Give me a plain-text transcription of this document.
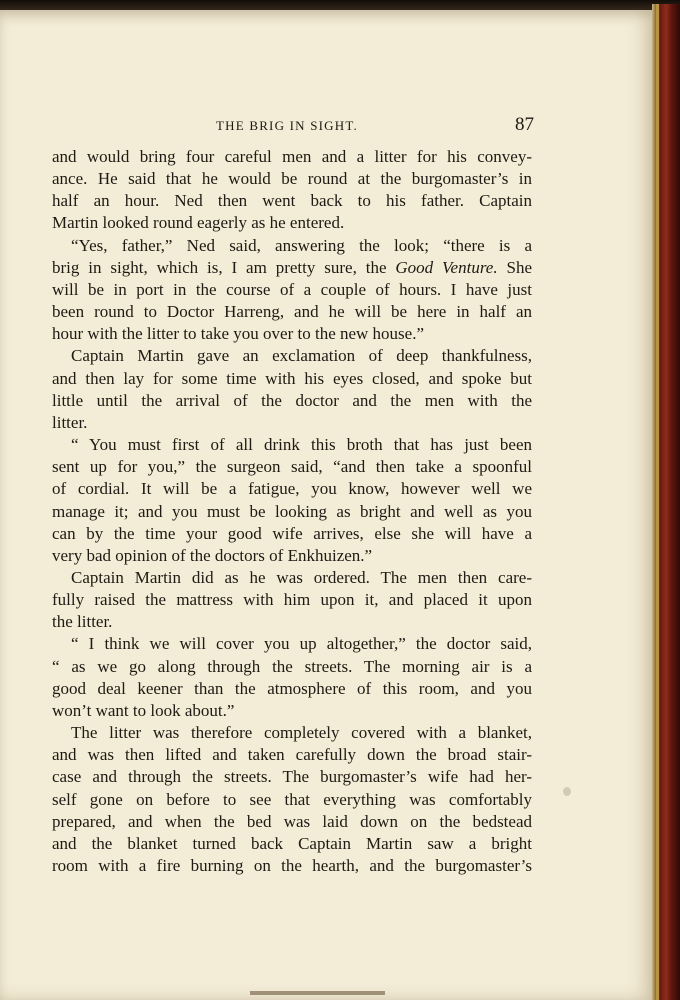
THE BRIG IN SIGHT.	87
and would bring four careful men and a litter for his convey-
ance. He said that he would be round at the burgomaster’s in
half an hour. Ned then went back to his father. Captain
Martin looked round eagerly as he entered.
“Yes, father,” Ned said, answering the look; “there is a
brig in sight, which is, I am pretty sure, the Good Venture. She
will be in port in the course of a couple of hours. I have just
been round to Doctor Harreng, and he will be here in half an
hour with the litter to take you over to the new house.”
Captain Martin gave an exclamation of deep thankfulness,
and then lay for some time with his eyes closed, and spoke but
little until the arrival of the doctor and the men with the
litter.
“ You must first of all drink this broth that has just been
sent up for you,” the surgeon said, “and then take a spoonful
of cordial. It will be a fatigue, you know, however well we
manage it; and you must be looking as bright and well as you
can by the time your good wife arrives, else she will have a
very bad opinion of the doctors of Enkhuizen.”
Captain Martin did as he was ordered. The men then care-
fully raised the mattress with him upon it, and placed it upon
the litter.
“ I think we will cover you up altogether,” the doctor said,
“ as we go along through the streets. The morning air is a
good deal keener than the atmosphere of this room, and you
won’t want to look about.”
The litter was therefore completely covered with a blanket,
and was then lifted and taken carefully down the broad stair-
case and through the streets. The burgomaster’s wife had her-
self gone on before to see that everything was comfortably
prepared, and when the bed was laid down on the bedstead
and the blanket turned back Captain Martin saw a bright
room with a fire burning on the hearth, and the burgomaster’s
